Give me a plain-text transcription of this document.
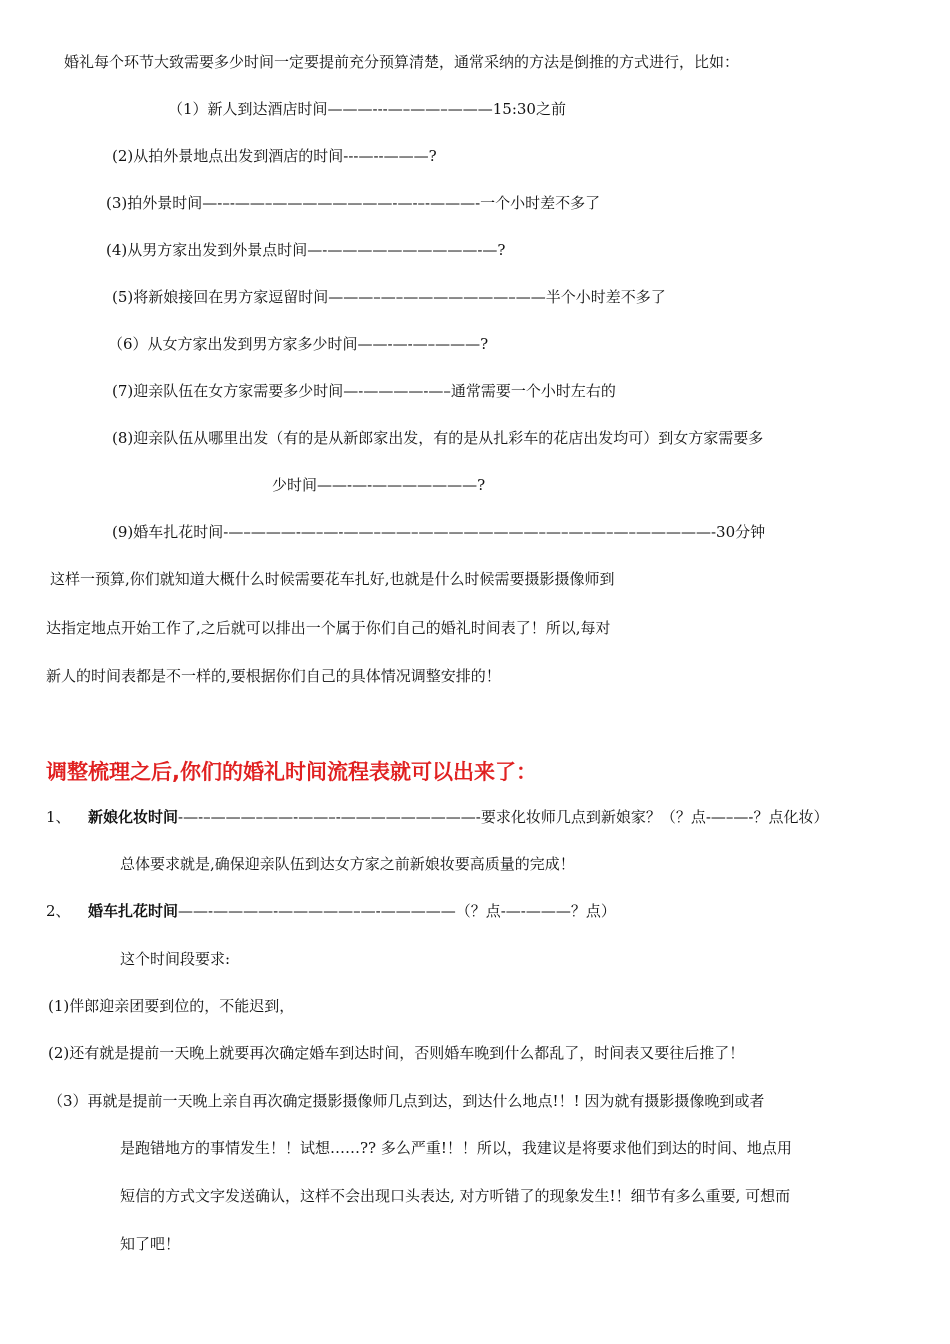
婚礼每个环节大致需要多少时间一定要提前充分预算清楚，通常采纳的方法是倒推的方式进行，比如：

（1）新人到达酒店时间———---—–——–———15:30之前

(2)从拍外景地点出发到酒店的时间---—--———?

(3)拍外景时间—-–-——–————————-—-–-———-一个小时差不多了

(4)从男方家出发到外景点时间—-——————————-—?

(5)将新娘接回在男方家逗留时间———–—–———————–——半个小时差不多了

（6）从女方家出发到男方家多少时间——-—-—–———?

(7)迎亲队伍在女方家需要多少时间—-————-—–通常需要一个小时左右的

(8)迎亲队伍从哪里出发（有的是从新郎家出发，有的是从扎彩车的花店出发均可）到女方家需要多

少时间——-—-———————?

(9)婚车扎花时间-—–———-—–—-——–——–————————–—–—–—–—–—————-30分钟

这样一预算,你们就知道大概什么时候需要花车扎好,也就是什么时候需要摄影摄像师到

达指定地点开始工作了,之后就可以排出一个属于你们自己的婚礼时间表了！所以,每对

新人的时间表都是不一样的,要根据你们自己的具体情况调整安排的！

调整梳理之后,你们的婚礼时间流程表就可以出来了：
1、 新娘化妆时间-—-–———–——-——–-—————————-要求化妆师几点到新娘家？（？点-—–—-？点化妆）

总体要求就是,确保迎亲队伍到达女方家之前新娘妆要高质量的完成！

2、 婚车扎花时间——-————-—————–—-—————（？点-—-———？点）

这个时间段要求:

(1)伴郎迎亲团要到位的，不能迟到，

(2)还有就是提前一天晚上就要再次确定婚车到达时间，否则婚车晚到什么都乱了，时间表又要往后推了！

（3）再就是提前一天晚上亲自再次确定摄影摄像师几点到达，到达什么地点!！! 因为就有摄影摄像晚到或者

是跑错地方的事情发生！！试想……?? 多么严重!！！所以，我建议是将要求他们到达的时间、地点用

短信的方式文字发送确认，这样不会出现口头表达, 对方听错了的现象发生!！细节有多么重要, 可想而

知了吧！
